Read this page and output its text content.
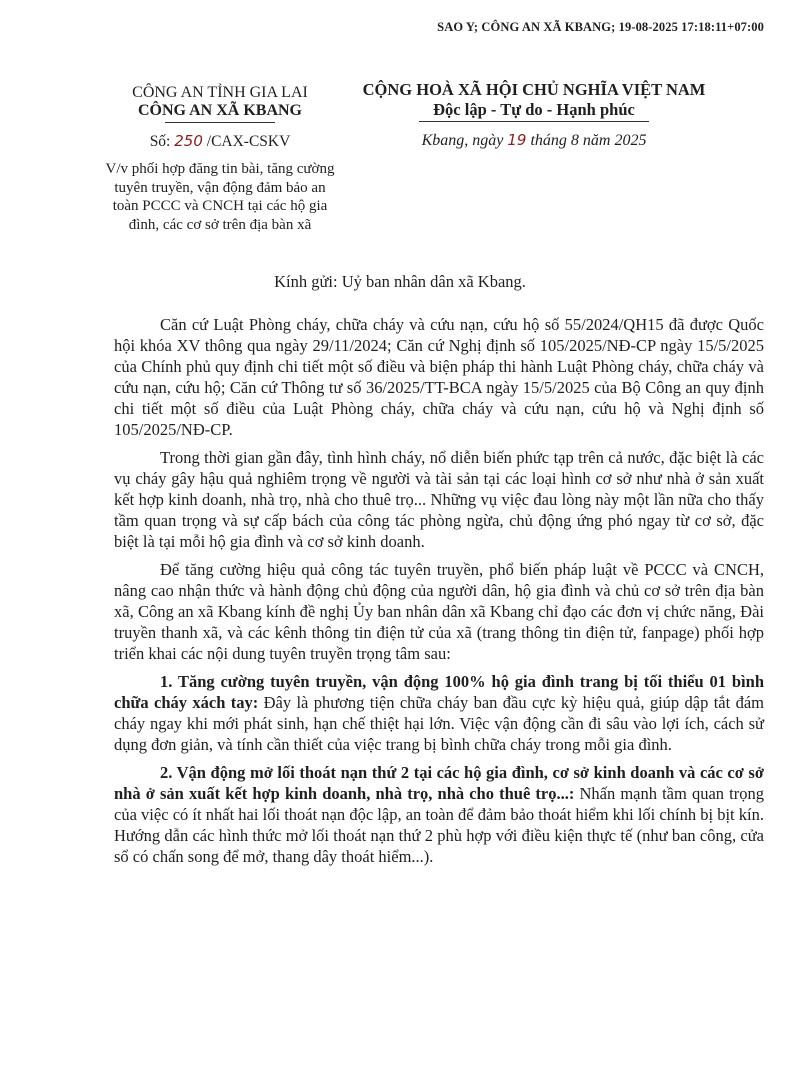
SAO Y; CÔNG AN XÃ KBANG; 19-08-2025 17:18:11+07:00
CÔNG AN TỈNH GIA LAI
CÔNG AN XÃ KBANG
Số: 250 /CAX-CSKV
V/v phối hợp đăng tin bài, tăng cường tuyên truyền, vận động đảm bảo an toàn PCCC và CNCH tại các hộ gia đình, các cơ sở trên địa bàn xã
CỘNG HOÀ XÃ HỘI CHỦ NGHĨA VIỆT NAM
Độc lập - Tự do - Hạnh phúc
Kbang, ngày 19 tháng 8 năm 2025
Kính gửi: Uỷ ban nhân dân xã Kbang.

Căn cứ Luật Phòng cháy, chữa cháy và cứu nạn, cứu hộ số 55/2024/QH15 đã được Quốc hội khóa XV thông qua ngày 29/11/2024; Căn cứ Nghị định số 105/2025/NĐ-CP ngày 15/5/2025 của Chính phủ quy định chi tiết một số điều và biện pháp thi hành Luật Phòng cháy, chữa cháy và cứu nạn, cứu hộ; Căn cứ Thông tư số 36/2025/TT-BCA ngày 15/5/2025 của Bộ Công an quy định chi tiết một số điều của Luật Phòng cháy, chữa cháy và cứu nạn, cứu hộ và Nghị định số 105/2025/NĐ-CP.

Trong thời gian gần đây, tình hình cháy, nổ diễn biến phức tạp trên cả nước, đặc biệt là các vụ cháy gây hậu quả nghiêm trọng về người và tài sản tại các loại hình cơ sở như nhà ở sản xuất kết hợp kinh doanh, nhà trọ, nhà cho thuê trọ... Những vụ việc đau lòng này một lần nữa cho thấy tầm quan trọng và sự cấp bách của công tác phòng ngừa, chủ động ứng phó ngay từ cơ sở, đặc biệt là tại mỗi hộ gia đình và cơ sở kinh doanh.

Để tăng cường hiệu quả công tác tuyên truyền, phổ biến pháp luật về PCCC và CNCH, nâng cao nhận thức và hành động chủ động của người dân, hộ gia đình và chủ cơ sở trên địa bàn xã, Công an xã Kbang kính đề nghị Ủy ban nhân dân xã Kbang chỉ đạo các đơn vị chức năng, Đài truyền thanh xã, và các kênh thông tin điện tử của xã (trang thông tin điện tử, fanpage) phối hợp triển khai các nội dung tuyên truyền trọng tâm sau:

1. Tăng cường tuyên truyền, vận động 100% hộ gia đình trang bị tối thiểu 01 bình chữa cháy xách tay: Đây là phương tiện chữa cháy ban đầu cực kỳ hiệu quả, giúp dập tắt đám cháy ngay khi mới phát sinh, hạn chế thiệt hại lớn. Việc vận động cần đi sâu vào lợi ích, cách sử dụng đơn giản, và tính cần thiết của việc trang bị bình chữa cháy trong mỗi gia đình.

2. Vận động mở lối thoát nạn thứ 2 tại các hộ gia đình, cơ sở kinh doanh và các cơ sở nhà ở sản xuất kết hợp kinh doanh, nhà trọ, nhà cho thuê trọ...: Nhấn mạnh tầm quan trọng của việc có ít nhất hai lối thoát nạn độc lập, an toàn để đảm bảo thoát hiểm khi lối chính bị bịt kín. Hướng dẫn các hình thức mở lối thoát nạn thứ 2 phù hợp với điều kiện thực tế (như ban công, cửa sổ có chấn song để mở, thang dây thoát hiểm...).
